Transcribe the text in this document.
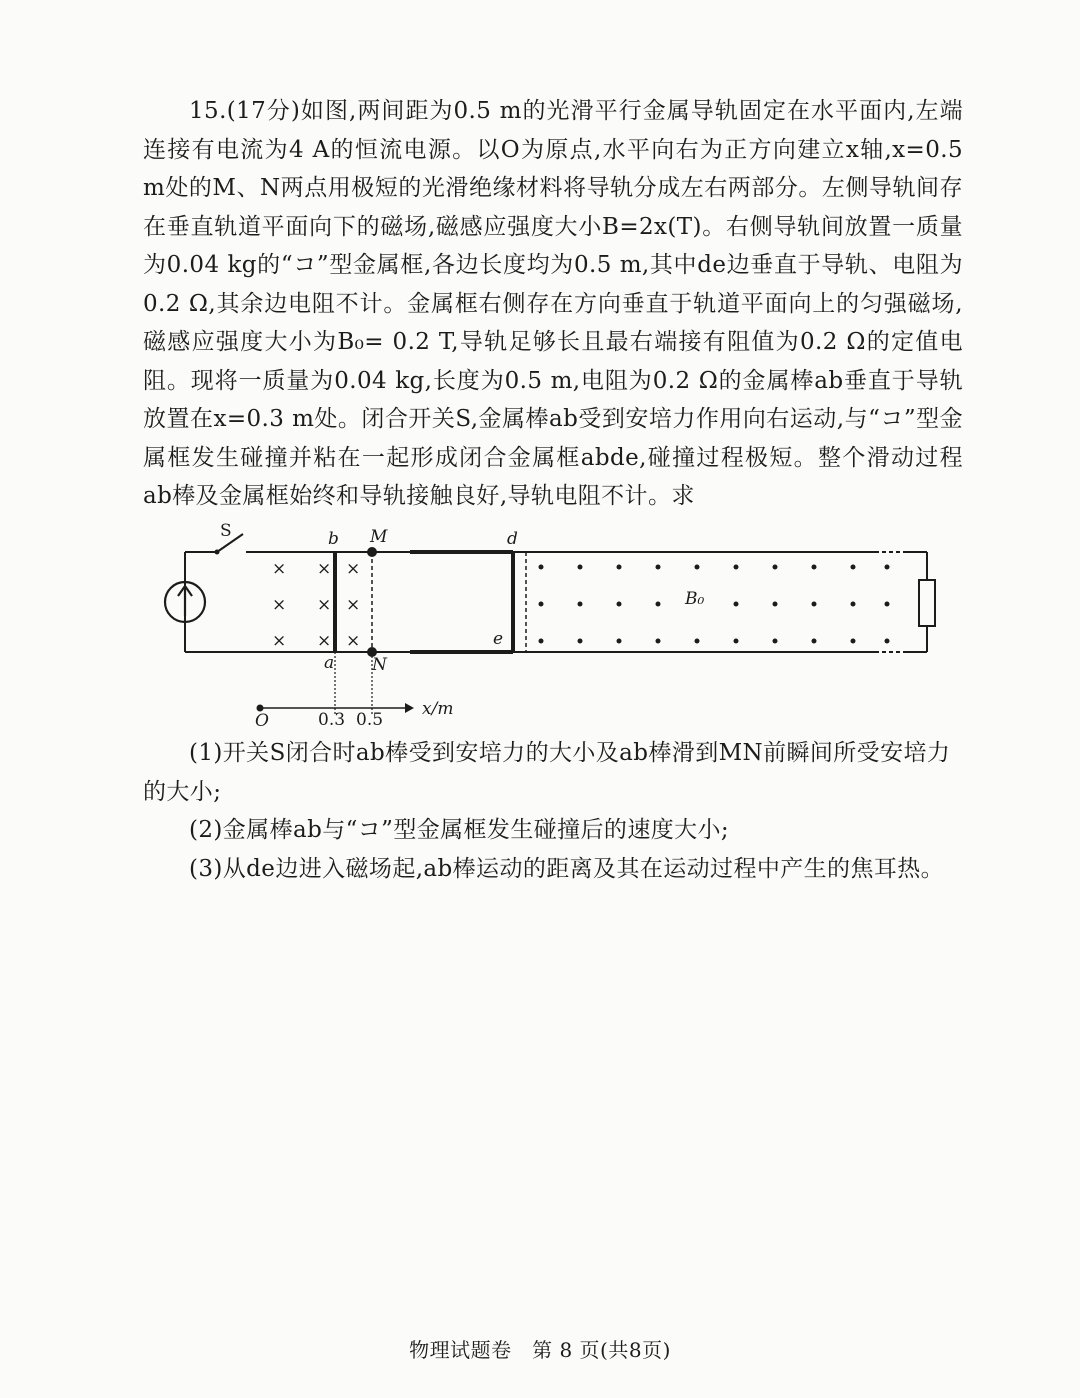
15.(17分)如图,两间距为0.5 m的光滑平行金属导轨固定在水平面内,左端连接有电流为4 A的恒流电源。以O为原点,水平向右为正方向建立x轴,x=0.5 m处的M、N两点用极短的光滑绝缘材料将导轨分成左右两部分。左侧导轨间存在垂直轨道平面向下的磁场,磁感应强度大小B=2x(T)。右侧导轨间放置一质量为0.04 kg的“コ”型金属框,各边长度均为0.5 m,其中de边垂直于导轨、电阻为0.2 Ω,其余边电阻不计。金属框右侧存在方向垂直于轨道平面向上的匀强磁场,磁感应强度大小为B₀= 0.2 T,导轨足够长且最右端接有阻值为0.2 Ω的定值电阻。现将一质量为0.04 kg,长度为0.5 m,电阻为0.2 Ω的金属棒ab垂直于导轨放置在x=0.3 m处。闭合开关S,金属棒ab受到安培力作用向右运动,与“コ”型金属框发生碰撞并粘在一起形成闭合金属框abde,碰撞过程极短。整个滑动过程ab棒及金属框始终和导轨接触良好,导轨电阻不计。求

S
×
×
×
×
×
×
×
×
×
b
a
M
N
d
e
B₀
O	0.3 0.5
x/m

(1)开关S闭合时ab棒受到安培力的大小及ab棒滑到MN前瞬间所受安培力的大小;

(2)金属棒ab与“コ”型金属框发生碰撞后的速度大小;

(3)从de边进入磁场起,ab棒运动的距离及其在运动过程中产生的焦耳热。

物理试题卷　第 8 页(共8页)
